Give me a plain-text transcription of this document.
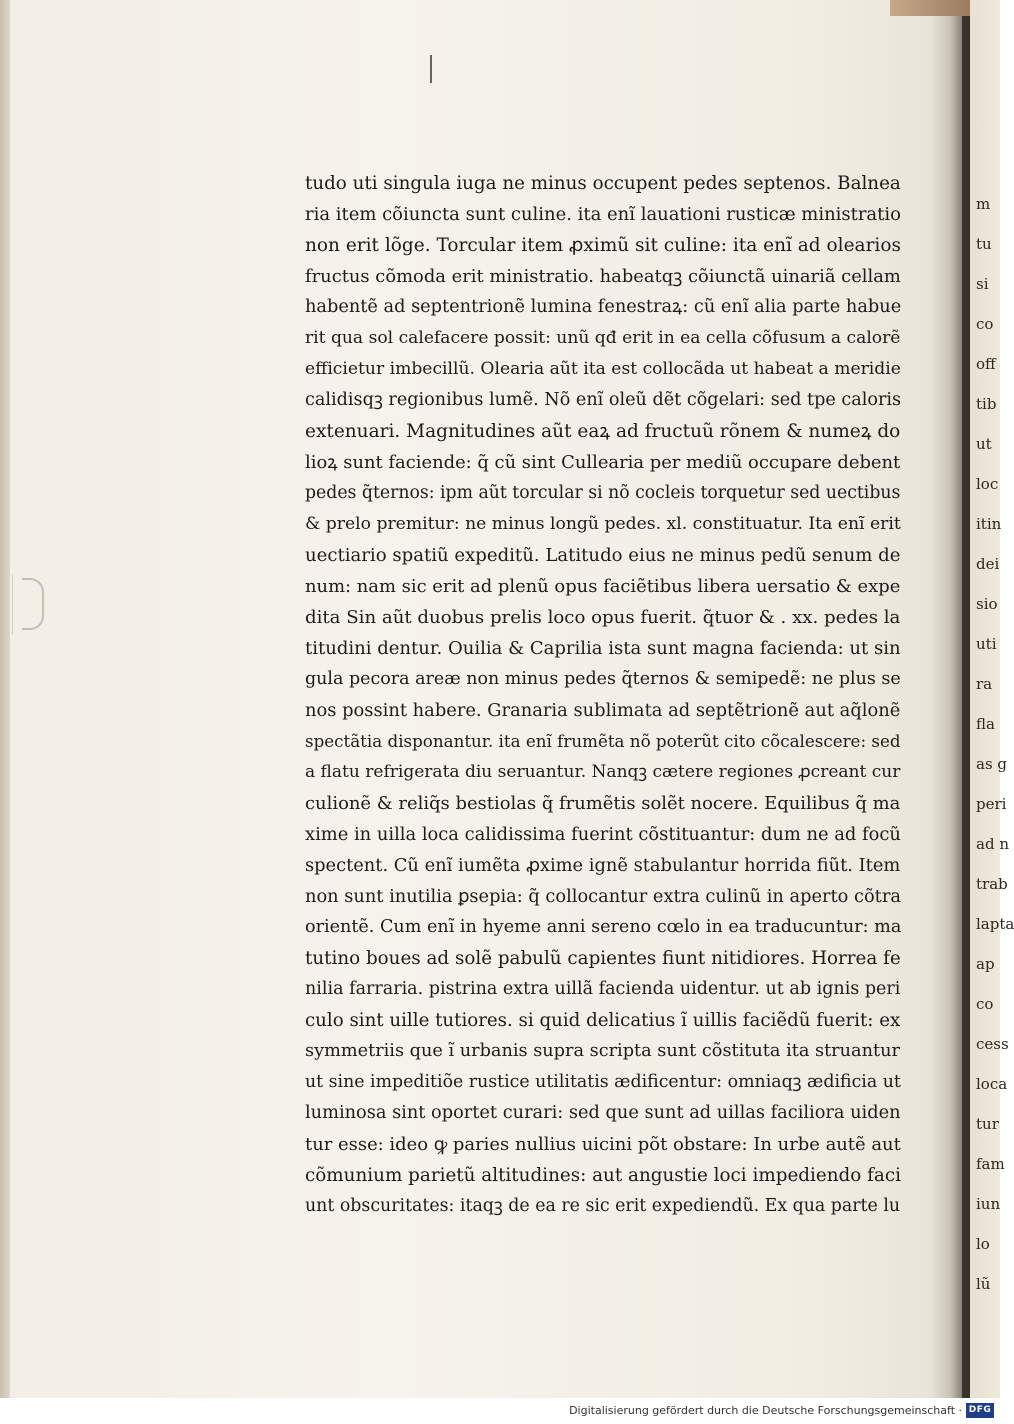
m
tu
si
co
off
tib
ut
loc
itin
dei
sio
uti
ra
fla
as g
peri
ad n
trab
lapta
ap
co
cess
loca
tur
fam
iun
lo
lũ
tudo uti singula iuga ne minus occupent pedes septenos. Balnea
ria item cõiuncta sunt culine. ita enĩ lauationi rusticæ ministratio
non erit lõge. Torcular item ꝓximũ sit culine: ita enĩ ad olearios
fructus cõmoda erit ministratio. habeatqꝫ cõiunctã uinariã cellam
habentẽ ad septentrionẽ lumina fenestraꝝ: cũ enĩ alia parte habue
rit qua sol calefacere possit: unũ qđ erit in ea cella cõfusum a calorẽ
efficietur imbecillũ. Olearia aũt ita est collocãda ut habeat a meridie
calidisqꝫ regionibus lumẽ. Nõ enĩ oleũ dẽt cõgelari: sed tpe caloris
extenuari. Magnitudines aũt eaꝝ ad fructuũ rõnem & numeꝝ do
lioꝝ sunt faciende: q̃ cũ sint Cullearia per mediũ occupare debent
pedes q̃ternos: ipm aũt torcular si nõ cocleis torquetur sed uectibus
& prelo premitur: ne minus longũ pedes. xl. constituatur. Ita enĩ erit
uectiario spatiũ expeditũ. Latitudo eius ne minus pedũ senum de
num: nam sic erit ad plenũ opus faciẽtibus libera uersatio & expe
dita Sin aũt duobus prelis loco opus fuerit. q̃tuor & . xx. pedes la
titudini dentur. Ouilia & Caprilia ista sunt magna facienda: ut sin
gula pecora areæ non minus pedes q̃ternos & semipedẽ: ne plus se
nos possint habere. Granaria sublimata ad septẽtrionẽ aut aq̃lonẽ
spectãtia disponantur. ita enĩ frumẽta nõ poterũt cito cõcalescere: sed
a flatu refrigerata diu seruantur. Nanqꝫ cætere regiones ꝓcreant cur
culionẽ & reliq̃s bestiolas q̃ frumẽtis solẽt nocere. Equilibus q̃ ma
xime in uilla loca calidissima fuerint cõstituantur: dum ne ad focũ
spectent. Cũ enĩ iumẽta ꝓxime ignẽ stabulantur horrida fiũt. Item
non sunt inutilia ꝑsepia: q̃ collocantur extra culinũ in aperto cõtra
orientẽ. Cum enĩ in hyeme anni sereno cœlo in ea traducuntur: ma
tutino boues ad solẽ pabulũ capientes fiunt nitidiores. Horrea fe
nilia farraria. pistrina extra uillã facienda uidentur. ut ab ignis peri
culo sint uille tutiores. si quid delicatius ĩ uillis faciẽdũ fuerit: ex
symmetriis que ĩ urbanis supra scripta sunt cõstituta ita struantur
ut sine impeditiõe rustice utilitatis ædificentur: omniaqꝫ ædificia ut
luminosa sint oportet curari: sed que sunt ad uillas faciliora uiden
tur esse: ideo ꝙ paries nullius uicini põt obstare: In urbe autẽ aut
cõmunium parietũ altitudines: aut angustie loci impediendo faci
unt obscuritates: itaqꝫ de ea re sic erit expediendũ. Ex qua parte lu
Digitalisierung gefördert durch die Deutsche Forschungsgemeinschaft · DFG
